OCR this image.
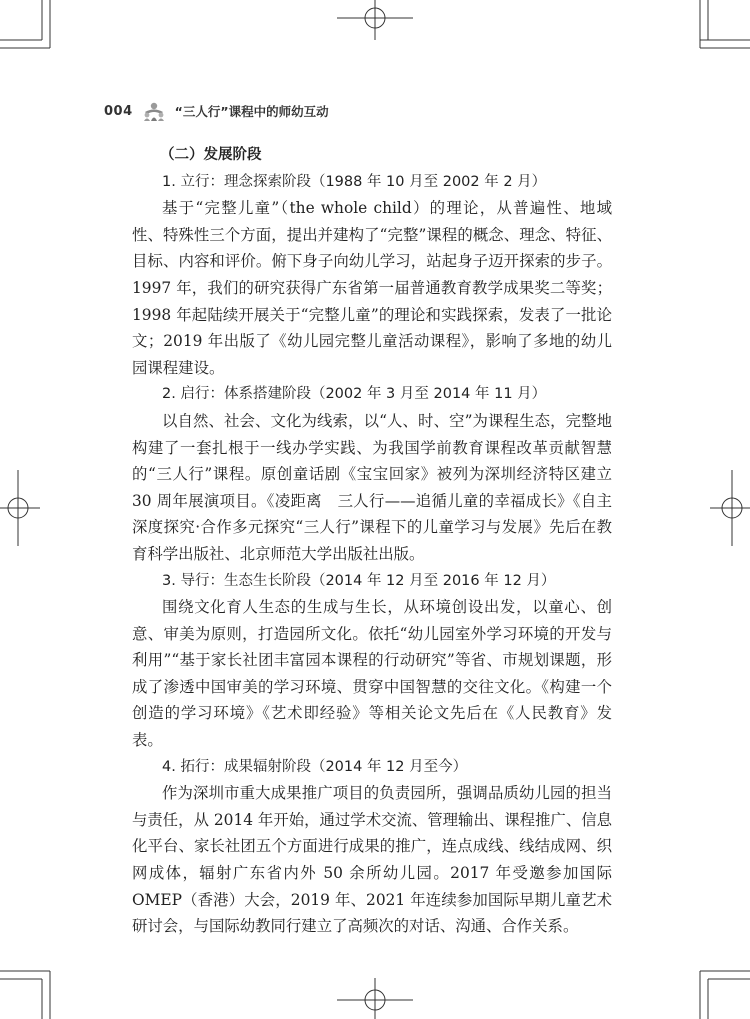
004	“三人行”课程中的师幼互动
（二）发展阶段
1. 立行：理念探索阶段（1988 年 10 月至 2002 年 2 月）

基于“完整儿童”（the whole child）的理论，从普遍性、地域性、特殊性三个方面，提出并建构了“完整”课程的概念、理念、特征、目标、内容和评价。俯下身子向幼儿学习，站起身子迈开探索的步子。1997 年，我们的研究获得广东省第一届普通教育教学成果奖二等奖；1998 年起陆续开展关于“完整儿童”的理论和实践探索，发表了一批论文；2019 年出版了《幼儿园完整儿童活动课程》，影响了多地的幼儿园课程建设。

2. 启行：体系搭建阶段（2002 年 3 月至 2014 年 11 月）

以自然、社会、文化为线索，以“人、时、空”为课程生态，完整地构建了一套扎根于一线办学实践、为我国学前教育课程改革贡献智慧的“三人行”课程。原创童话剧《宝宝回家》被列为深圳经济特区建立 30 周年展演项目。《凌距离　三人行——追循儿童的幸福成长》《自主深度探究·合作多元探究“三人行”课程下的儿童学习与发展》先后在教育科学出版社、北京师范大学出版社出版。

3. 导行：生态生长阶段（2014 年 12 月至 2016 年 12 月）

围绕文化育人生态的生成与生长，从环境创设出发，以童心、创意、审美为原则，打造园所文化。依托“幼儿园室外学习环境的开发与利用”“基于家长社团丰富园本课程的行动研究”等省、市规划课题，形成了渗透中国审美的学习环境、贯穿中国智慧的交往文化。《构建一个创造的学习环境》《艺术即经验》等相关论文先后在《人民教育》发表。

4. 拓行：成果辐射阶段（2014 年 12 月至今）

作为深圳市重大成果推广项目的负责园所，强调品质幼儿园的担当与责任，从 2014 年开始，通过学术交流、管理输出、课程推广、信息化平台、家长社团五个方面进行成果的推广，连点成线、线结成网、织网成体，辐射广东省内外 50 余所幼儿园。2017 年受邀参加国际 OMEP（香港）大会，2019 年、2021 年连续参加国际早期儿童艺术研讨会，与国际幼教同行建立了高频次的对话、沟通、合作关系。
